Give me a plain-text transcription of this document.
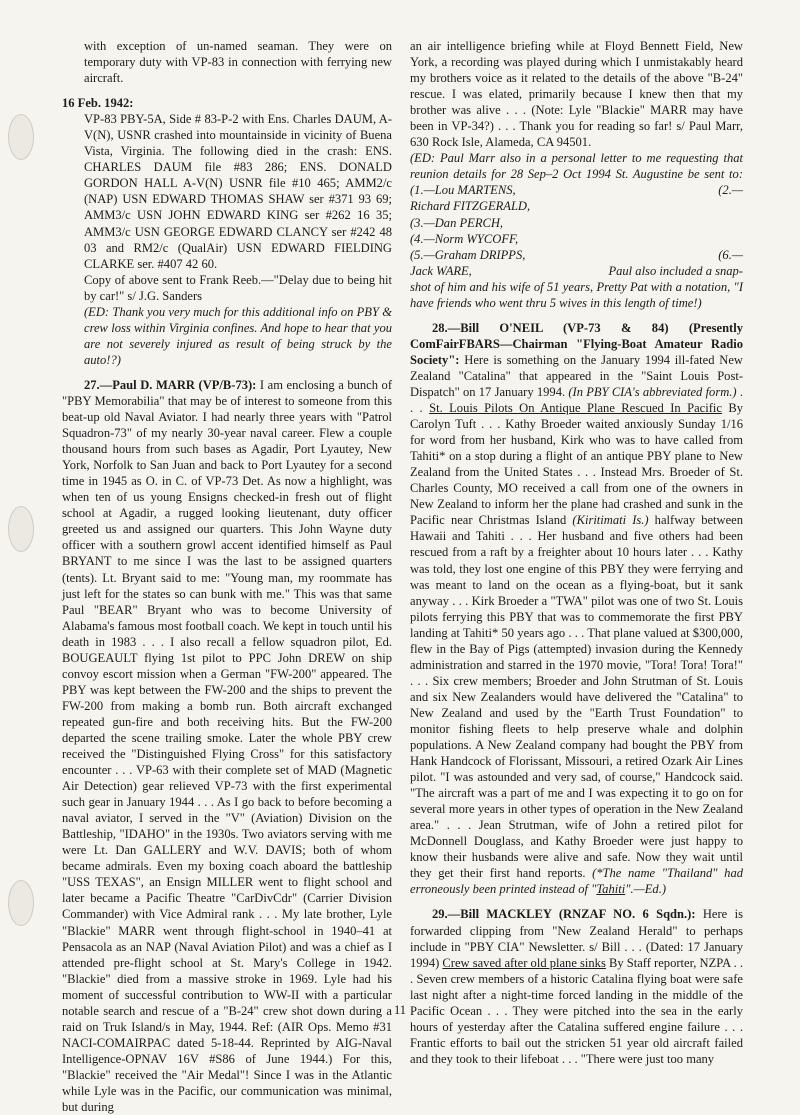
with exception of un-named seaman. They were on temporary duty with VP-83 in connection with ferrying new aircraft.

16 Feb. 1942:

VP-83 PBY-5A, Side # 83-P-2 with Ens. Charles DAUM, A-V(N), USNR crashed into mountainside in vicinity of Buena Vista, Virginia. The following died in the crash: ENS. CHARLES DAUM file #83 286; ENS. DONALD GORDON HALL A-V(N) USNR file #10 465; AMM2/c (NAP) USN EDWARD THOMAS SHAW ser #371 93 69; AMM3/c USN JOHN EDWARD KING ser #262 16 35; AMM3/c USN GEORGE EDWARD CLANCY ser #242 48 03 and RM2/c (QualAir) USN EDWARD FIELDING CLARKE ser. #407 42 60.

Copy of above sent to Frank Reeb.—"Delay due to being hit by car!" s/ J.G. Sanders

(ED: Thank you very much for this additional info on PBY & crew loss within Virginia confines. And hope to hear that you are not severely injured as result of being struck by the auto!?)

27.—Paul D. MARR (VP/B-73): I am enclosing a bunch of "PBY Memorabilia" that may be of interest to someone from this beat-up old Naval Aviator. I had nearly three years with "Patrol Squadron-73" of my nearly 30-year naval career. Flew a couple thousand hours from such bases as Agadir, Port Lyautey, New York, Norfolk to San Juan and back to Port Lyautey for a second time in 1945 as O. in C. of VP-73 Det. As now a highlight, was when ten of us young Ensigns checked-in fresh out of flight school at Agadir, a rugged looking lieutenant, duty officer greeted us and assigned our quarters. This John Wayne duty officer with a southern growl accent identified himself as Paul BRYANT to me since I was the last to be assigned quarters (tents). Lt. Bryant said to me: "Young man, my roommate has just left for the states so can bunk with me." This was that same Paul "BEAR" Bryant who was to become University of Alabama's famous most football coach. We kept in touch until his death in 1983 . . . I also recall a fellow squadron pilot, Ed. BOUGEAULT flying 1st pilot to PPC John DREW on ship convoy escort mission when a German "FW-200" appeared. The PBY was kept between the FW-200 and the ships to prevent the FW-200 from making a bomb run. Both aircraft exchanged repeated gun-fire and both receiving hits. But the FW-200 departed the scene trailing smoke. Later the whole PBY crew received the "Distinguished Flying Cross" for this satisfactory encounter . . . VP-63 with their complete set of MAD (Magnetic Air Detection) gear relieved VP-73 with the first experimental such gear in January 1944 . . . As I go back to before becoming a naval aviator, I served in the "V" (Aviation) Division on the Battleship, "IDAHO" in the 1930s. Two aviators serving with me were Lt. Dan GALLERY and W.V. DAVIS; both of whom became admirals. Even my boxing coach aboard the battleship "USS TEXAS", an Ensign MILLER went to flight school and later became a Pacific Theatre "CarDivCdr" (Carrier Division Commander) with Vice Admiral rank . . . My late brother, Lyle "Blackie" MARR went through flight-school in 1940–41 at Pensacola as an NAP (Naval Aviation Pilot) and was a chief as I attended pre-flight school at St. Mary's College in 1942. "Blackie" died from a massive stroke in 1969. Lyle had his moment of successful contribution to WW-II with a particular notable search and rescue of a "B-24" crew shot down during a raid on Truk Island/s in May, 1944. Ref: (AIR Ops. Memo #31 NACI-COMAIRPAC dated 5-18-44. Reprinted by AIG-Naval Intelligence-OPNAV 16V #S86 of June 1944.) For this, "Blackie" received the "Air Medal"! Since I was in the Atlantic while Lyle was in the Pacific, our communication was minimal, but during

an air intelligence briefing while at Floyd Bennett Field, New York, a recording was played during which I unmistakably heard my brothers voice as it related to the details of the above "B-24" rescue. I was elated, primarily because I knew then that my brother was alive . . . (Note: Lyle "Blackie" MARR may have been in VP-34?) . . . Thank you for reading so far! s/ Paul Marr, 630 Rock Isle, Alameda, CA 94501.

(ED: Paul Marr also in a personal letter to me requesting that reunion details for 28 Sep–2 Oct 1994 St. Augustine be sent to: (1.—Lou MARTENS,	(2.—

Richard FITZGERALD,
(3.—Dan PERCH,
(4.—Norm WYCOFF,
(5.—Graham DRIPPS,	(6.—
Jack WARE,	Paul also included a snap-

shot of him and his wife of 51 years, Pretty Pat with a notation, "I have friends who went thru 5 wives in this length of time!)

28.—Bill O'NEIL (VP-73 & 84) (Presently ComFairFBARS—Chairman "Flying-Boat Amateur Radio Society": Here is something on the January 1994 ill-fated New Zealand "Catalina" that appeared in the "Saint Louis Post-Dispatch" on 17 January 1994. (In PBY CIA's abbreviated form.) . . . St. Louis Pilots On Antique Plane Rescued In Pacific By Carolyn Tuft . . . Kathy Broeder waited anxiously Sunday 1/16 for word from her husband, Kirk who was to have called from Tahiti* on a stop during a flight of an antique PBY plane to New Zealand from the United States . . . Instead Mrs. Broeder of St. Charles County, MO received a call from one of the owners in New Zealand to inform her the plane had crashed and sunk in the Pacific near Christmas Island (Kiritimati Is.) halfway between Hawaii and Tahiti . . . Her husband and five others had been rescued from a raft by a freighter about 10 hours later . . . Kathy was told, they lost one engine of this PBY they were ferrying and was meant to land on the ocean as a flying-boat, but it sank anyway . . . Kirk Broeder a "TWA" pilot was one of two St. Louis pilots ferrying this PBY that was to commemorate the first PBY landing at Tahiti* 50 years ago . . . That plane valued at $300,000, flew in the Bay of Pigs (attempted) invasion during the Kennedy administration and starred in the 1970 movie, "Tora! Tora! Tora!" . . . Six crew members; Broeder and John Strutman of St. Louis and six New Zealanders would have delivered the "Catalina" to New Zealand and used by the "Earth Trust Foundation" to monitor fishing fleets to help preserve whale and dolphin populations. A New Zealand company had bought the PBY from Hank Handcock of Florissant, Missouri, a retired Ozark Air Lines pilot. "I was astounded and very sad, of course," Handcock said. "The aircraft was a part of me and I was expecting it to go on for several more years in other types of operation in the New Zealand area." . . . Jean Strutman, wife of John a retired pilot for McDonnell Douglass, and Kathy Broeder were just happy to know their husbands were alive and safe. Now they wait until they get their first hand reports. (*The name "Thailand" had erroneously been printed instead of "Tahiti".—Ed.)

29.—Bill MACKLEY (RNZAF NO. 6 Sqdn.): Here is forwarded clipping from "New Zealand Herald" to perhaps include in "PBY CIA" Newsletter. s/ Bill . . . (Dated: 17 January 1994) Crew saved after old plane sinks By Staff reporter, NZPA . . . Seven crew members of a historic Catalina flying boat were safe last night after a night-time forced landing in the middle of the Pacific Ocean . . . They were pitched into the sea in the early hours of yesterday after the Catalina suffered engine failure . . . Frantic efforts to bail out the stricken 51 year old aircraft failed and they took to their lifeboat . . . "There were just too many

11
